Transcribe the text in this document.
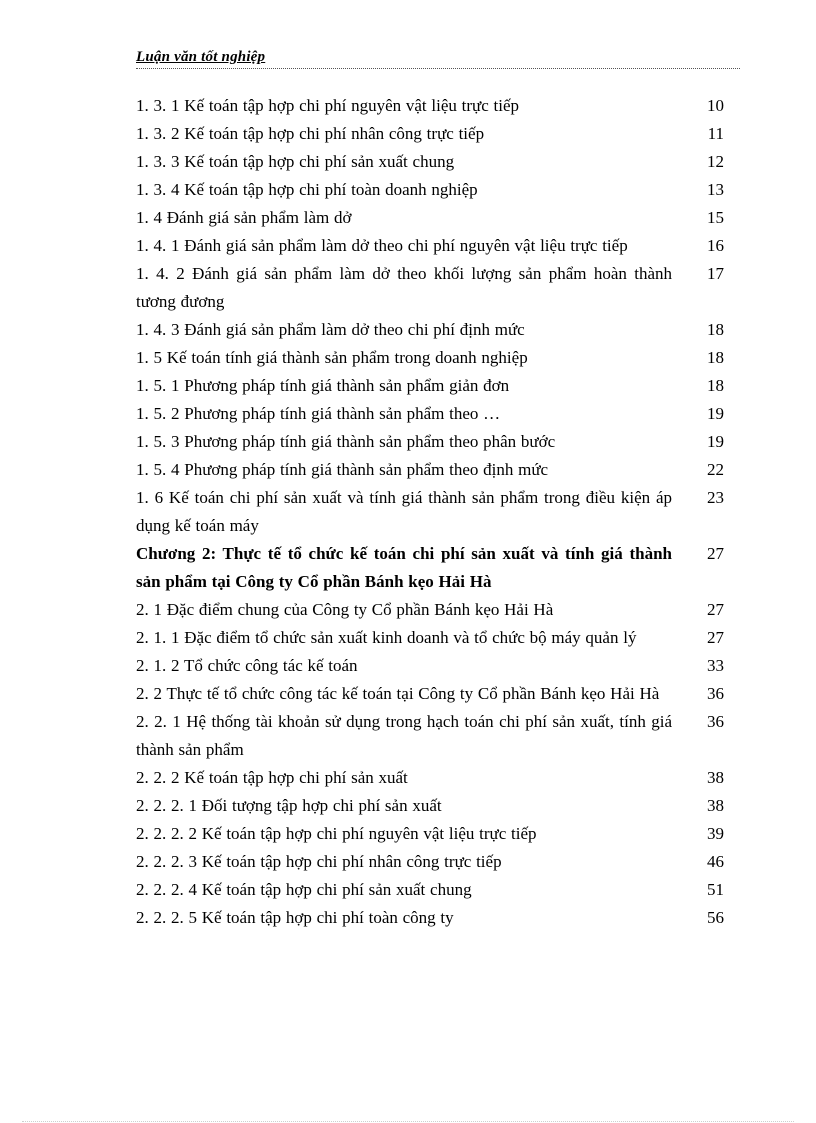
Luận văn tốt nghiệp
1. 3. 1 Kế toán tập hợp chi phí nguyên vật liệu trực tiếp	10
1. 3. 2 Kế toán tập hợp chi phí nhân công trực tiếp	11
1. 3. 3 Kế toán tập hợp chi phí sản xuất chung	12
1. 3. 4 Kế toán tập hợp chi phí toàn doanh nghiệp	13
1. 4 Đánh giá sản phẩm làm dở	15
1. 4. 1 Đánh giá sản phẩm làm dở theo chi phí nguyên vật liệu trực tiếp	16
1. 4. 2 Đánh giá sản phẩm làm dở theo khối lượng sản phẩm hoàn thành tương đương
17
1. 4. 3 Đánh giá sản phẩm làm dở theo chi phí định mức	18
1. 5 Kế toán tính giá thành sản phẩm trong doanh nghiệp	18
1. 5. 1 Phương pháp tính giá thành sản phẩm giản đơn	18
1. 5. 2 Phương pháp tính giá thành sản phẩm theo …	19
1. 5. 3 Phương pháp tính giá thành sản phẩm theo phân bước	19
1. 5. 4 Phương pháp tính giá thành sản phẩm theo định mức	22
1. 6 Kế toán chi phí sản xuất và tính giá thành sản phẩm trong điều kiện áp dụng kế toán máy
23
Chương 2: Thực tế tổ chức kế toán chi phí sản xuất và tính giá thành sản phẩm tại Công ty Cổ phần Bánh kẹo Hải Hà
27
2. 1 Đặc điểm chung của Công ty Cổ phần Bánh kẹo Hải Hà	27
2. 1. 1 Đặc điểm tổ chức sản xuất kinh doanh và tổ chức bộ máy quản lý	27
2. 1. 2 Tổ chức công tác kế toán	33
2. 2 Thực tế tổ chức công tác kế toán tại Công ty Cổ phần Bánh kẹo Hải Hà	36
2. 2. 1 Hệ thống tài khoản sử dụng trong hạch toán chi phí sản xuất, tính giá thành sản phẩm
36
2. 2. 2 Kế toán tập hợp chi phí sản xuất	38
2. 2. 2. 1 Đối tượng tập hợp chi phí sản xuất	38
2. 2. 2. 2 Kế toán tập hợp chi phí nguyên vật liệu trực tiếp	39
2. 2. 2. 3 Kế toán tập hợp chi phí nhân công trực tiếp	46
2. 2. 2. 4 Kế toán tập hợp chi phí sản xuất chung	51
2. 2. 2. 5 Kế toán tập hợp chi phí toàn công ty	56
